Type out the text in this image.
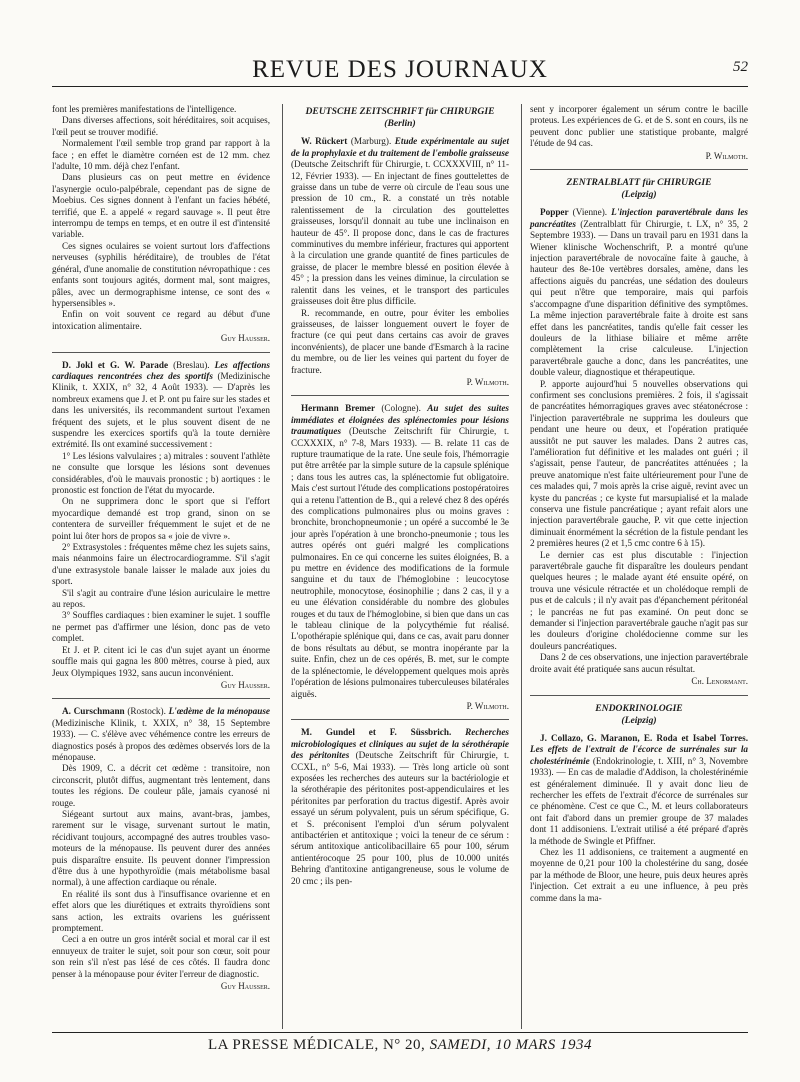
REVUE DES JOURNAUX	52

font les premières manifestations de l'intelligence.

Dans diverses affections, soit héréditaires, soit acquises, l'œil peut se trouver modifié.

Normalement l'œil semble trop grand par rapport à la face ; en effet le diamètre cornéen est de 12 mm. chez l'adulte, 10 mm. déjà chez l'enfant.

Dans plusieurs cas on peut mettre en évidence l'asynergie oculo-palpébrale, cependant pas de signe de Moebius. Ces signes donnent à l'enfant un facies hébété, terrifié, que E. a appelé « regard sauvage ». Il peut être interrompu de temps en temps, et en outre il est d'intensité variable.

Ces signes oculaires se voient surtout lors d'affections nerveuses (syphilis héréditaire), de troubles de l'état général, d'une anomalie de constitution névropathique : ces enfants sont toujours agités, dorment mal, sont maigres, pâles, avec un dermographisme intense, ce sont des « hypersensibles ».

Enfin on voit souvent ce regard au début d'une intoxication alimentaire.

Guy Hausser.

D. Jokl et G. W. Parade (Breslau). Les affections cardiaques rencontrées chez des sportifs (Medizinische Klinik, t. XXIX, n° 32, 4 Août 1933). — D'après les nombreux examens que J. et P. ont pu faire sur les stades et dans les universités, ils recommandent surtout l'examen fréquent des sujets, et le plus souvent disent de ne suspendre les exercices sportifs qu'à la toute dernière extrémité. Ils ont examiné successivement :

1° Les lésions valvulaires ; a) mitrales : souvent l'athlète ne consulte que lorsque les lésions sont devenues considérables, d'où le mauvais pronostic ; b) aortiques : le pronostic est fonction de l'état du myocarde.

On ne supprimera donc le sport que si l'effort myocardique demandé est trop grand, sinon on se contentera de surveiller fréquemment le sujet et de ne point lui ôter hors de propos sa « joie de vivre ».

2° Extrasystoles : fréquentes même chez les sujets sains, mais néanmoins faire un électrocardiogramme. S'il s'agit d'une extrasystole banale laisser le malade aux joies du sport.

S'il s'agit au contraire d'une lésion auriculaire le mettre au repos.

3° Souffles cardiaques : bien examiner le sujet. 1 souffle ne permet pas d'affirmer une lésion, donc pas de veto complet.

Et J. et P. citent ici le cas d'un sujet ayant un énorme souffle mais qui gagna les 800 mètres, course à pied, aux Jeux Olympiques 1932, sans aucun inconvénient.

Guy Hausser.

A. Curschmann (Rostock). L'œdème de la ménopause (Medizinische Klinik, t. XXIX, n° 38, 15 Septembre 1933). — C. s'élève avec véhémence contre les erreurs de diagnostics posés à propos des œdèmes observés lors de la ménopause.

Dès 1909, C. a décrit cet œdème : transitoire, non circonscrit, plutôt diffus, augmentant très lentement, dans toutes les régions. De couleur pâle, jamais cyanosé ni rouge.

Siégeant surtout aux mains, avant-bras, jambes, rarement sur le visage, survenant surtout le matin, récidivant toujours, accompagné des autres troubles vaso-moteurs de la ménopause. Ils peuvent durer des années puis disparaître ensuite. Ils peuvent donner l'impression d'être dus à une hypothyroïdie (mais métabolisme basal normal), à une affection cardiaque ou rénale.

En réalité ils sont dus à l'insuffisance ovarienne et en effet alors que les diurétiques et extraits thyroïdiens sont sans action, les extraits ovariens les guérissent promptement.

Ceci a en outre un gros intérêt social et moral car il est ennuyeux de traiter le sujet, soit pour son cœur, soit pour son rein s'il n'est pas lésé de ces côtés. Il faudra donc penser à la ménopause pour éviter l'erreur de diagnostic.

Guy Hausser.
DEUTSCHE ZEITSCHRIFT für CHIRURGIE
(Berlin)

W. Rückert (Marburg). Etude expérimentale au sujet de la prophylaxie et du traitement de l'embolie graisseuse (Deutsche Zeitschrift für Chirurgie, t. CCXXXVIII, n° 11-12, Février 1933). — En injectant de fines gouttelettes de graisse dans un tube de verre où circule de l'eau sous une pression de 10 cm., R. a constaté un très notable ralentissement de la circulation des gouttelettes graisseuses, lorsqu'il donnait au tube une inclinaison en hauteur de 45°. Il propose donc, dans le cas de fractures comminutives du membre inférieur, fractures qui apportent à la circulation une grande quantité de fines particules de graisse, de placer le membre blessé en position élevée à 45° ; la pression dans les veines diminue, la circulation se ralentit dans les veines, et le transport des particules graisseuses doit être plus difficile.

R. recommande, en outre, pour éviter les embolies graisseuses, de laisser longuement ouvert le foyer de fracture (ce qui peut dans certains cas avoir de graves inconvénients), de placer une bande d'Esmarch à la racine du membre, ou de lier les veines qui partent du foyer de fracture.

P. Wilmoth.

Hermann Bremer (Cologne). Au sujet des suites immédiates et éloignées des splénectomies pour lésions traumatiques (Deutsche Zeitschrift für Chirurgie, t. CCXXXIX, n° 7-8, Mars 1933). — B. relate 11 cas de rupture traumatique de la rate. Une seule fois, l'hémorragie put être arrêtée par la simple suture de la capsule splénique ; dans tous les autres cas, la splénectomie fut obligatoire. Mais c'est surtout l'étude des complications postopératoires qui a retenu l'attention de B., qui a relevé chez 8 des opérés des complications pulmonaires plus ou moins graves : bronchite, bronchopneumonie ; un opéré a succombé le 3e jour après l'opération à une broncho-pneumonie ; tous les autres opérés ont guéri malgré les complications pulmonaires. En ce qui concerne les suites éloignées, B. a pu mettre en évidence des modifications de la formule sanguine et du taux de l'hémoglobine : leucocytose neutrophile, monocytose, éosinophilie ; dans 2 cas, il y a eu une élévation considérable du nombre des globules rouges et du taux de l'hémoglobine, si bien que dans un cas le tableau clinique de la polycythémie fut réalisé. L'opothérapie splénique qui, dans ce cas, avait paru donner de bons résultats au début, se montra inopérante par la suite. Enfin, chez un de ces opérés, B. met, sur le compte de la splénectomie, le développement quelques mois après l'opération de lésions pulmonaires tuberculeuses bilatérales aiguës.

P. Wilmoth.

M. Gundel et F. Süssbrich. Recherches microbiologiques et cliniques au sujet de la sérothérapie des péritonites (Deutsche Zeitschrift für Chirurgie, t. CCXL, n° 5-6, Mai 1933). — Très long article où sont exposées les recherches des auteurs sur la bactériologie et la sérothérapie des péritonites post-appendiculaires et les péritonites par perforation du tractus digestif. Après avoir essayé un sérum polyvalent, puis un sérum spécifique, G. et S. préconisent l'emploi d'un sérum polyvalent antibactérien et antitoxique ; voici la teneur de ce sérum : sérum antitoxique anticolibacillaire 65 pour 100, sérum antientérocoque 25 pour 100, plus de 10.000 unités Behring d'antitoxine antigangreneuse, sous le volume de 20 cmc ; ils pen-

sent y incorporer également un sérum contre le bacille proteus. Les expériences de G. et de S. sont en cours, ils ne peuvent donc publier une statistique probante, malgré l'étude de 94 cas.

P. Wilmoth.
ZENTRALBLATT für CHIRURGIE
(Leipzig)

Popper (Vienne). L'injection paravertébrale dans les pancréatites (Zentralblatt für Chirurgie, t. LX, n° 35, 2 Septembre 1933). — Dans un travail paru en 1931 dans la Wiener klinische Wochenschrift, P. a montré qu'une injection paravertébrale de novocaïne faite à gauche, à hauteur des 8e-10e vertèbres dorsales, amène, dans les affections aiguës du pancréas, une sédation des douleurs qui peut n'être que temporaire, mais qui parfois s'accompagne d'une disparition définitive des symptômes. La même injection paravertébrale faite à droite est sans effet dans les pancréatites, tandis qu'elle fait cesser les douleurs de la lithiase biliaire et même arrête complètement la crise calculeuse. L'injection paravertébrale gauche a donc, dans les pancréatites, une double valeur, diagnostique et thérapeutique.

P. apporte aujourd'hui 5 nouvelles observations qui confirment ses conclusions premières. 2 fois, il s'agissait de pancréatites hémorragiques graves avec stéatonécrose : l'injection paravertébrale ne supprima les douleurs que pendant une heure ou deux, et l'opération pratiquée aussitôt ne put sauver les malades. Dans 2 autres cas, l'amélioration fut définitive et les malades ont guéri ; il s'agissait, pense l'auteur, de pancréatites atténuées ; la preuve anatomique n'est faite ultérieurement pour l'une de ces malades qui, 7 mois après la crise aiguë, revint avec un kyste du pancréas ; ce kyste fut marsupialisé et la malade conserva une fistule pancréatique ; ayant refait alors une injection paravertébrale gauche, P. vit que cette injection diminuait énormément la sécrétion de la fistule pendant les 2 premières heures (2 et 1,5 cmc contre 6 à 15).

Le dernier cas est plus discutable : l'injection paravertébrale gauche fit disparaître les douleurs pendant quelques heures ; le malade ayant été ensuite opéré, on trouva une vésicule rétractée et un cholédoque rempli de pus et de calculs ; il n'y avait pas d'épanchement péritonéal ; le pancréas ne fut pas examiné. On peut donc se demander si l'injection paravertébrale gauche n'agit pas sur les douleurs d'origine cholédocienne comme sur les douleurs pancréatiques.

Dans 2 de ces observations, une injection paravertébrale droite avait été pratiquée sans aucun résultat.

Ch. Lenormant.
ENDOKRINOLOGIE
(Leipzig)

J. Collazo, G. Maranon, E. Roda et Isabel Torres. Les effets de l'extrait de l'écorce de surrénales sur la cholestérinémie (Endokrinologie, t. XIII, n° 3, Novembre 1933). — En cas de maladie d'Addison, la cholestérinémie est généralement diminuée. Il y avait donc lieu de rechercher les effets de l'extrait d'écorce de surrénales sur ce phénomène. C'est ce que C., M. et leurs collaborateurs ont fait d'abord dans un premier groupe de 37 malades dont 11 addisoniens. L'extrait utilisé a été préparé d'après la méthode de Swingle et Pfiffner.

Chez les 11 addisoniens, ce traitement a augmenté en moyenne de 0,21 pour 100 la cholestérine du sang, dosée par la méthode de Bloor, une heure, puis deux heures après l'injection. Cet extrait a eu une influence, à peu près comme dans la ma-

LA PRESSE MÉDICALE, N° 20, SAMEDI, 10 MARS 1934
